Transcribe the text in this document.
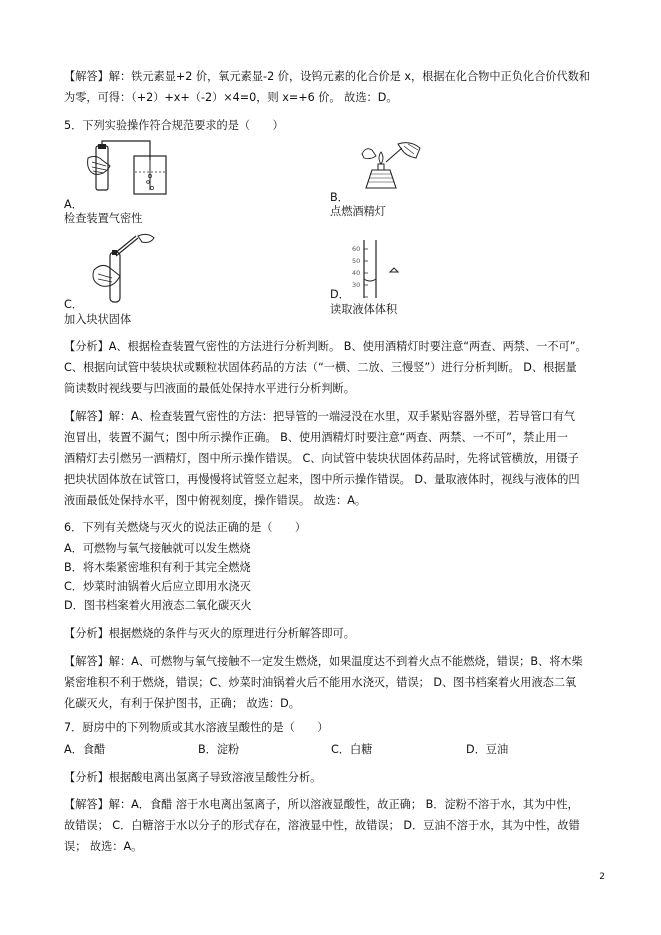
【解答】解：铁元素显+2 价，氧元素显-2 价，设钨元素的化合价是 x，根据在化合物中正负化合价代数和
为零，可得：（+2）+x+（-2）×4=0，则 x=+6 价。 故选：D。
5．下列实验操作符合规范要求的是（　　）
A．
检查装置气密性
B．
点燃酒精灯
C．
加入块状固体
60
50
40
30
D．
读取液体体积
【分析】A、根据检查装置气密性的方法进行分析判断。 B、使用酒精灯时要注意“两查、两禁、一不可”。
C、根据向试管中装块状或颗粒状固体药品的方法（“一横、二放、三慢竖”）进行分析判断。 D、根据量
筒读数时视线要与凹液面的最低处保持水平进行分析判断。
【解答】解：A、检查装置气密性的方法：把导管的一端浸没在水里，双手紧贴容器外壁，若导管口有气
泡冒出，装置不漏气；图中所示操作正确。 B、使用酒精灯时要注意“两查、两禁、一不可”，禁止用一
酒精灯去引燃另一酒精灯，图中所示操作错误。 C、向试管中装块状固体药品时，先将试管横放，用镊子
把块状固体放在试管口，再慢慢将试管竖立起来，图中所示操作错误。 D、量取液体时，视线与液体的凹
液面最低处保持水平，图中俯视刻度，操作错误。 故选：A。
6．下列有关燃烧与灭火的说法正确的是（　　）
A．可燃物与氧气接触就可以发生燃烧
B．将木柴紧密堆积有利于其完全燃烧
C．炒菜时油锅着火后应立即用水浇灭
D．图书档案着火用液态二氧化碳灭火
【分析】根据燃烧的条件与灭火的原理进行分析解答即可。
【解答】解：A、可燃物与氧气接触不一定发生燃烧，如果温度达不到着火点不能燃烧，错误；B、将木柴
紧密堆积不利于燃烧，错误；C、炒菜时油锅着火后不能用水浇灭，错误； D、图书档案着火用液态二氧
化碳灭火，有利于保护图书，正确； 故选：D。
7．厨房中的下列物质或其水溶液呈酸性的是（　　）
A．食醋	B．淀粉	C．白糖	D．豆油
【分析】根据酸电离出氢离子导致溶液呈酸性分析。
【解答】解：A．食醋 溶于水电离出氢离子，所以溶液显酸性，故正确； B．淀粉不溶于水，其为中性，
故错误； C．白糖溶于水以分子的形式存在，溶液显中性，故错误； D．豆油不溶于水，其为中性，故错
误； 故选：A。
2
